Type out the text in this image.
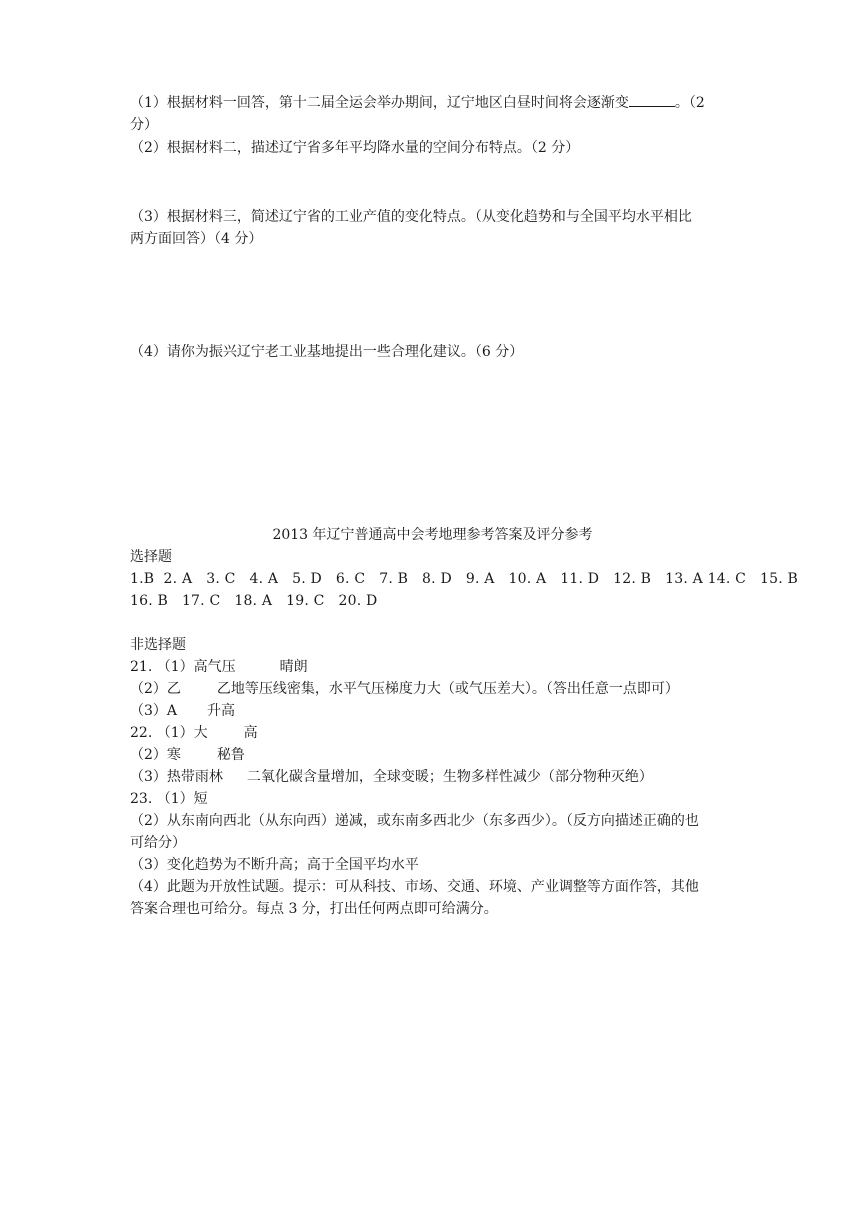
（1）根据材料一回答，第十二届全运会举办期间，辽宁地区白昼时间将会逐渐变	。（2
分）
（2）根据材料二，描述辽宁省多年平均降水量的空间分布特点。（2 分）
（3）根据材料三，简述辽宁省的工业产值的变化特点。（从变化趋势和与全国平均水平相比
两方面回答）（4 分）
（4）请你为振兴辽宁老工业基地提出一些合理化建议。（6 分）
2013 年辽宁普通高中会考地理参考答案及评分参考
选择题
1.B  2. A   3. C   4. A   5. D   6. C   7. B   8. D   9. A   10. A   11. D   12. B   13. A 14. C   15. B
16. B   17. C   18. A   19. C   20. D
非选择题
21. （1）高气压	晴朗
（2）乙	乙地等压线密集，水平气压梯度力大（或气压差大）。（答出任意一点即可）
（3）A 升高
22. （1）大	高
（2）寒	秘鲁
（3）热带雨林 二氧化碳含量增加，全球变暖；生物多样性减少（部分物种灭绝）
23. （1）短
（2）从东南向西北（从东向西）递减，或东南多西北少（东多西少）。（反方向描述正确的也
可给分）
（3）变化趋势为不断升高；高于全国平均水平
（4）此题为开放性试题。提示：可从科技、市场、交通、环境、产业调整等方面作答，其他
答案合理也可给分。每点 3 分，打出任何两点即可给满分。
